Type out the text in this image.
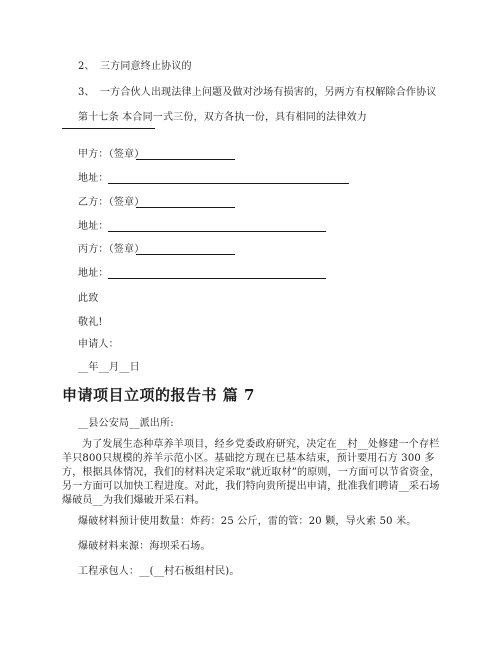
2、　三方同意终止协议的
3、　一方合伙人出现法律上问题及做对沙场有损害的，另两方有权解除合作协议
第十七条 本合同一式三份，双方各执一份，具有相同的法律效力
甲方：（签章）
地址：
乙方：（签章）
地址：
丙方：（签章）
地址：
此致
敬礼!
申请人：
__年__月__日
申请项目立项的报告书 篇 7
__县公安局__派出所:
为了发展生态种草养羊项目，经乡党委政府研究，决定在__村__处修建一个存栏羊只800只规模的养羊示范小区。基础挖方现在已基本结束，预计要用石方 300 多方，根据具体情况，我们的材料决定采取“就近取材”的原则，一方面可以节省资金，另一方面可以加快工程进度。对此，我们特向贵所提出申请，批准我们聘请__采石场爆破员__为我们爆破开采石料。
爆破材料预计使用数量：炸药：25 公斤，雷的管：20 颗，导火索 50 米。
爆破材料来源：海坝采石场。
工程承包人：__(__村石板组村民)。
